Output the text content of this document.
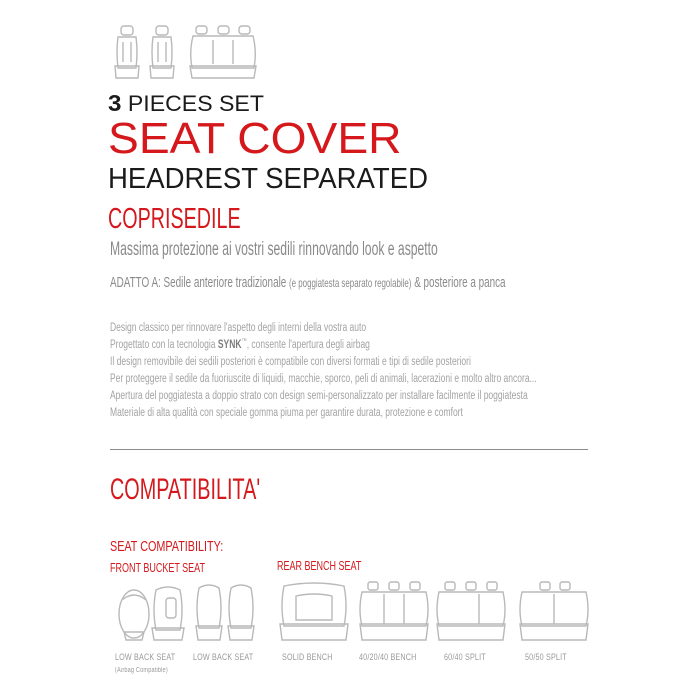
3 PIECES SET
SEAT COVER
HEADREST SEPARATED
COPRISEDILE
Massima protezione ai vostri sedili rinnovando look e aspetto
ADATTO A: Sedile anteriore tradizionale (e poggiatesta separato regolabile) & posteriore a panca
Design classico per rinnovare l'aspetto degli interni della vostra auto
Progettato con la tecnologia SYNK™, consente l'apertura degli airbag
Il design removibile dei sedili posteriori è compatibile con diversi formati e tipi di sedile posteriori
Per proteggere il sedile da fuoriuscite di liquidi, macchie, sporco, peli di animali, lacerazioni e molto altro ancora...
Apertura del poggiatesta a doppio strato con design semi-personalizzato per installare facilmente il poggiatesta
Materiale di alta qualità con speciale gomma piuma per garantire durata, protezione e comfort
COMPATIBILITA'
SEAT COMPATIBILITY:
FRONT BUCKET SEAT	REAR BENCH SEAT
LOW BACK SEAT
(Airbag Compatible)
LOW BACK SEAT	SOLID BENCH	40/20/40 BENCH	60/40 SPLIT	50/50 SPLIT
